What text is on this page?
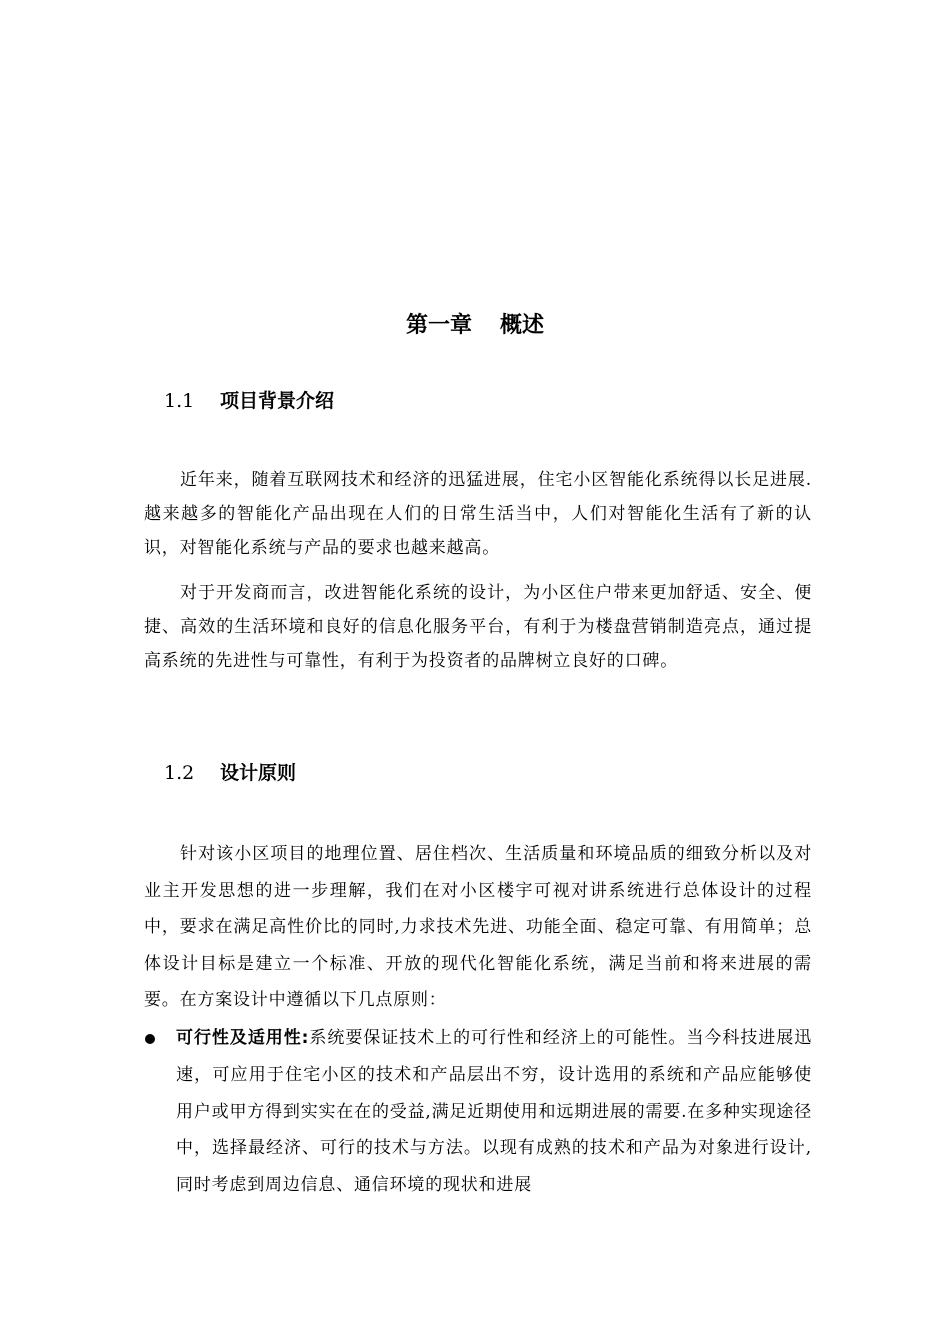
第一章 概述
1.1 项目背景介绍

近年来，随着互联网技术和经济的迅猛进展，住宅小区智能化系统得以长足进展.越来越多的智能化产品出现在人们的日常生活当中，人们对智能化生活有了新的认识，对智能化系统与产品的要求也越来越高。

对于开发商而言，改进智能化系统的设计，为小区住户带来更加舒适、安全、便捷、高效的生活环境和良好的信息化服务平台，有利于为楼盘营销制造亮点，通过提高系统的先进性与可靠性，有利于为投资者的品牌树立良好的口碑。

1.2 设计原则

针对该小区项目的地理位置、居住档次、生活质量和环境品质的细致分析以及对业主开发思想的进一步理解，我们在对小区楼宇可视对讲系统进行总体设计的过程中，要求在满足高性价比的同时,力求技术先进、功能全面、稳定可靠、有用简单；总体设计目标是建立一个标准、开放的现代化智能化系统，满足当前和将来进展的需要。在方案设计中遵循以下几点原则：

可行性及适用性:系统要保证技术上的可行性和经济上的可能性。当今科技进展迅速，可应用于住宅小区的技术和产品层出不穷，设计选用的系统和产品应能够使用户或甲方得到实实在在的受益,满足近期使用和远期进展的需要.在多种实现途径中，选择最经济、可行的技术与方法。以现有成熟的技术和产品为对象进行设计,同时考虑到周边信息、通信环境的现状和进展
